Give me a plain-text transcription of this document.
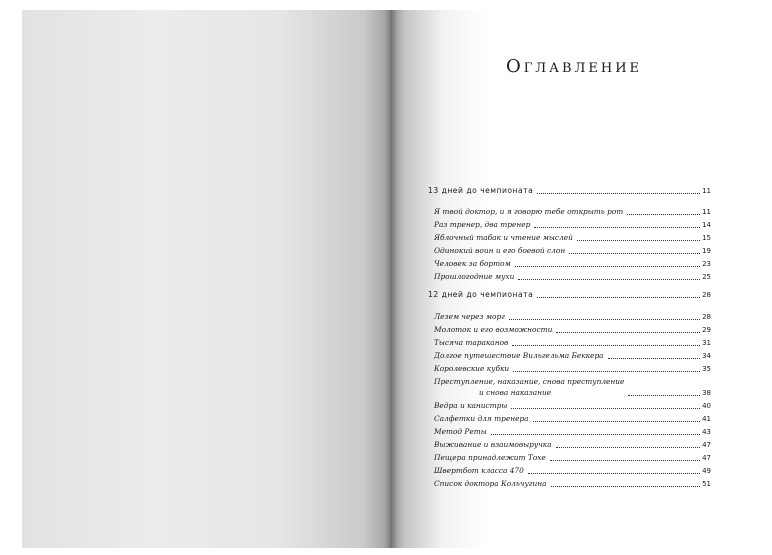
Оглавление
13 дней до чемпионата	11
Я твой доктор, и я говорю тебе открыть рот	11
Раз тренер, два тренер	14
Яблочный табак и чтение мыслей	15
Одинокий воин и его боевой слон	19
Человек за бортом	23
Прошлогодние мухи	25
12 дней до чемпионата	28
Лезем через морг	28
Молоток и его возможности	29
Тысяча тараканов	31
Долгое путешествие Вильгельма Беккера	34
Королевские кубки	35
Преступление, наказание, снова преступление
и снова наказание	38
Ведра и канистры	40
Салфетки для тренера	41
Метод Реты	43
Выживание и взаимовыручка	47
Пещера принадлежит Тохе	47
Швертбот класса 470	49
Список доктора Кольчугина	51
